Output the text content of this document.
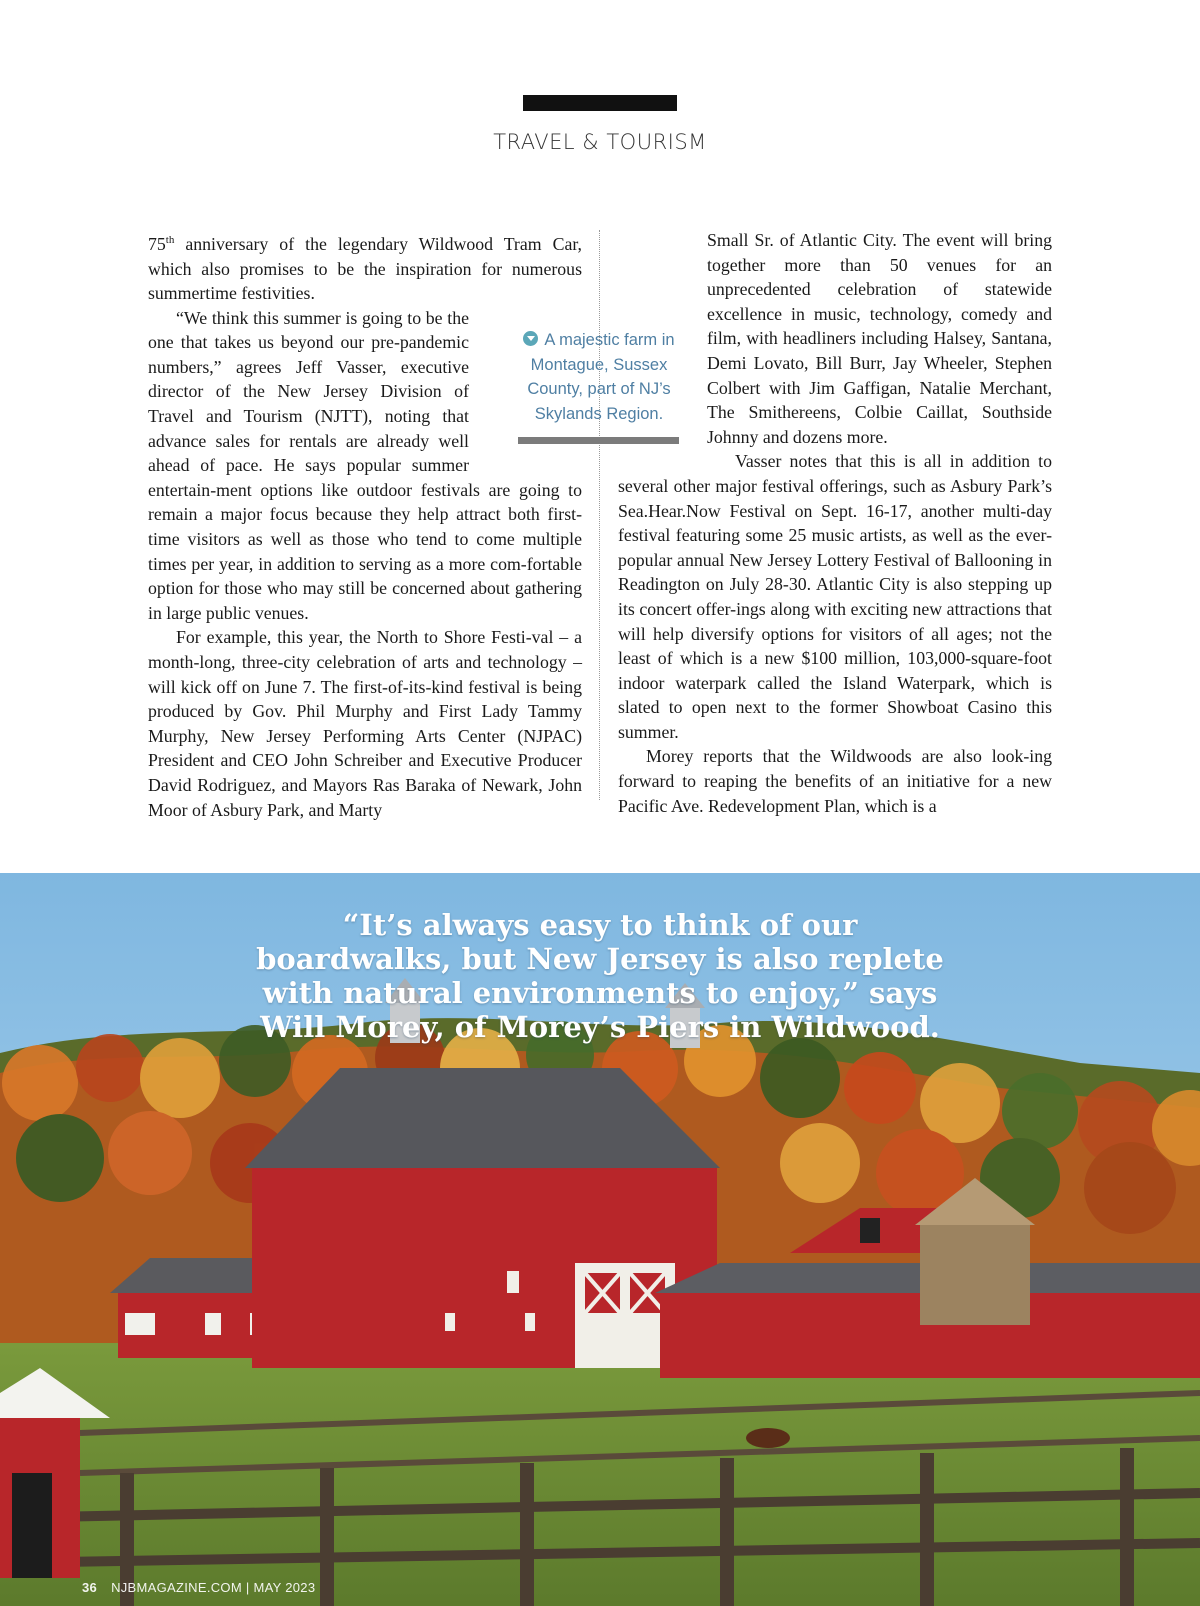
TRAVEL & TOURISM

75th anniversary of the legendary Wildwood Tram Car, which also promises to be the inspiration for numerous summertime festivities.

“We think this summer is going to be the one that takes us beyond our pre-pandemic numbers,” agrees Jeff Vasser, executive director of the New Jersey Division of Travel and Tourism (NJTT), noting that advance sales for rentals are already well ahead of pace. He says popular summer entertain-ment options like outdoor festivals are going to remain a major focus because they help attract both first-time visitors as well as those who tend to come multiple times per year, in addition to serving as a more com-fortable option for those who may still be concerned about gathering in large public venues.

For example, this year, the North to Shore Festi-val – a month-long, three-city celebration of arts and technology – will kick off on June 7. The first-of-its-kind festival is being produced by Gov. Phil Murphy and First Lady Tammy Murphy, New Jersey Performing Arts Center (NJPAC) President and CEO John Schreiber and Executive Producer David Rodriguez, and Mayors Ras Baraka of Newark, John Moor of Asbury Park, and Marty

Small Sr. of Atlantic City. The event will bring together more than 50 venues for an unprecedented celebration of statewide excellence in music, technology, comedy and film, with headliners including Halsey, Santana, Demi Lovato, Bill Burr, Jay Wheeler, Stephen Colbert with Jim Gaffigan, Natalie Merchant, The Smithereens, Colbie Caillat, Southside Johnny and dozens more.

Vasser notes that this is all in addition to several other major festival offerings, such as Asbury Park’s Sea.Hear.Now Festival on Sept. 16-17, another multi-day festival featuring some 25 music artists, as well as the ever-popular annual New Jersey Lottery Festival of Ballooning in Readington on July 28-30. Atlantic City is also stepping up its concert offer-ings along with exciting new attractions that will help diversify options for visitors of all ages; not the least of which is a new $100 million, 103,000-square-foot indoor waterpark called the Island Waterpark, which is slated to open next to the former Showboat Casino this summer.

Morey reports that the Wildwoods are also look-ing forward to reaping the benefits of an initiative for a new Pacific Ave. Redevelopment Plan, which is a

A majestic farm in Montague, Sussex County, part of NJ’s Skylands Region.
“It’s always easy to think of our boardwalks, but New Jersey is also replete with natural environments to enjoy,” says Will Morey, of Morey’s Piers in Wildwood.
36 NJBMAGAZINE.COM | MAY 2023
